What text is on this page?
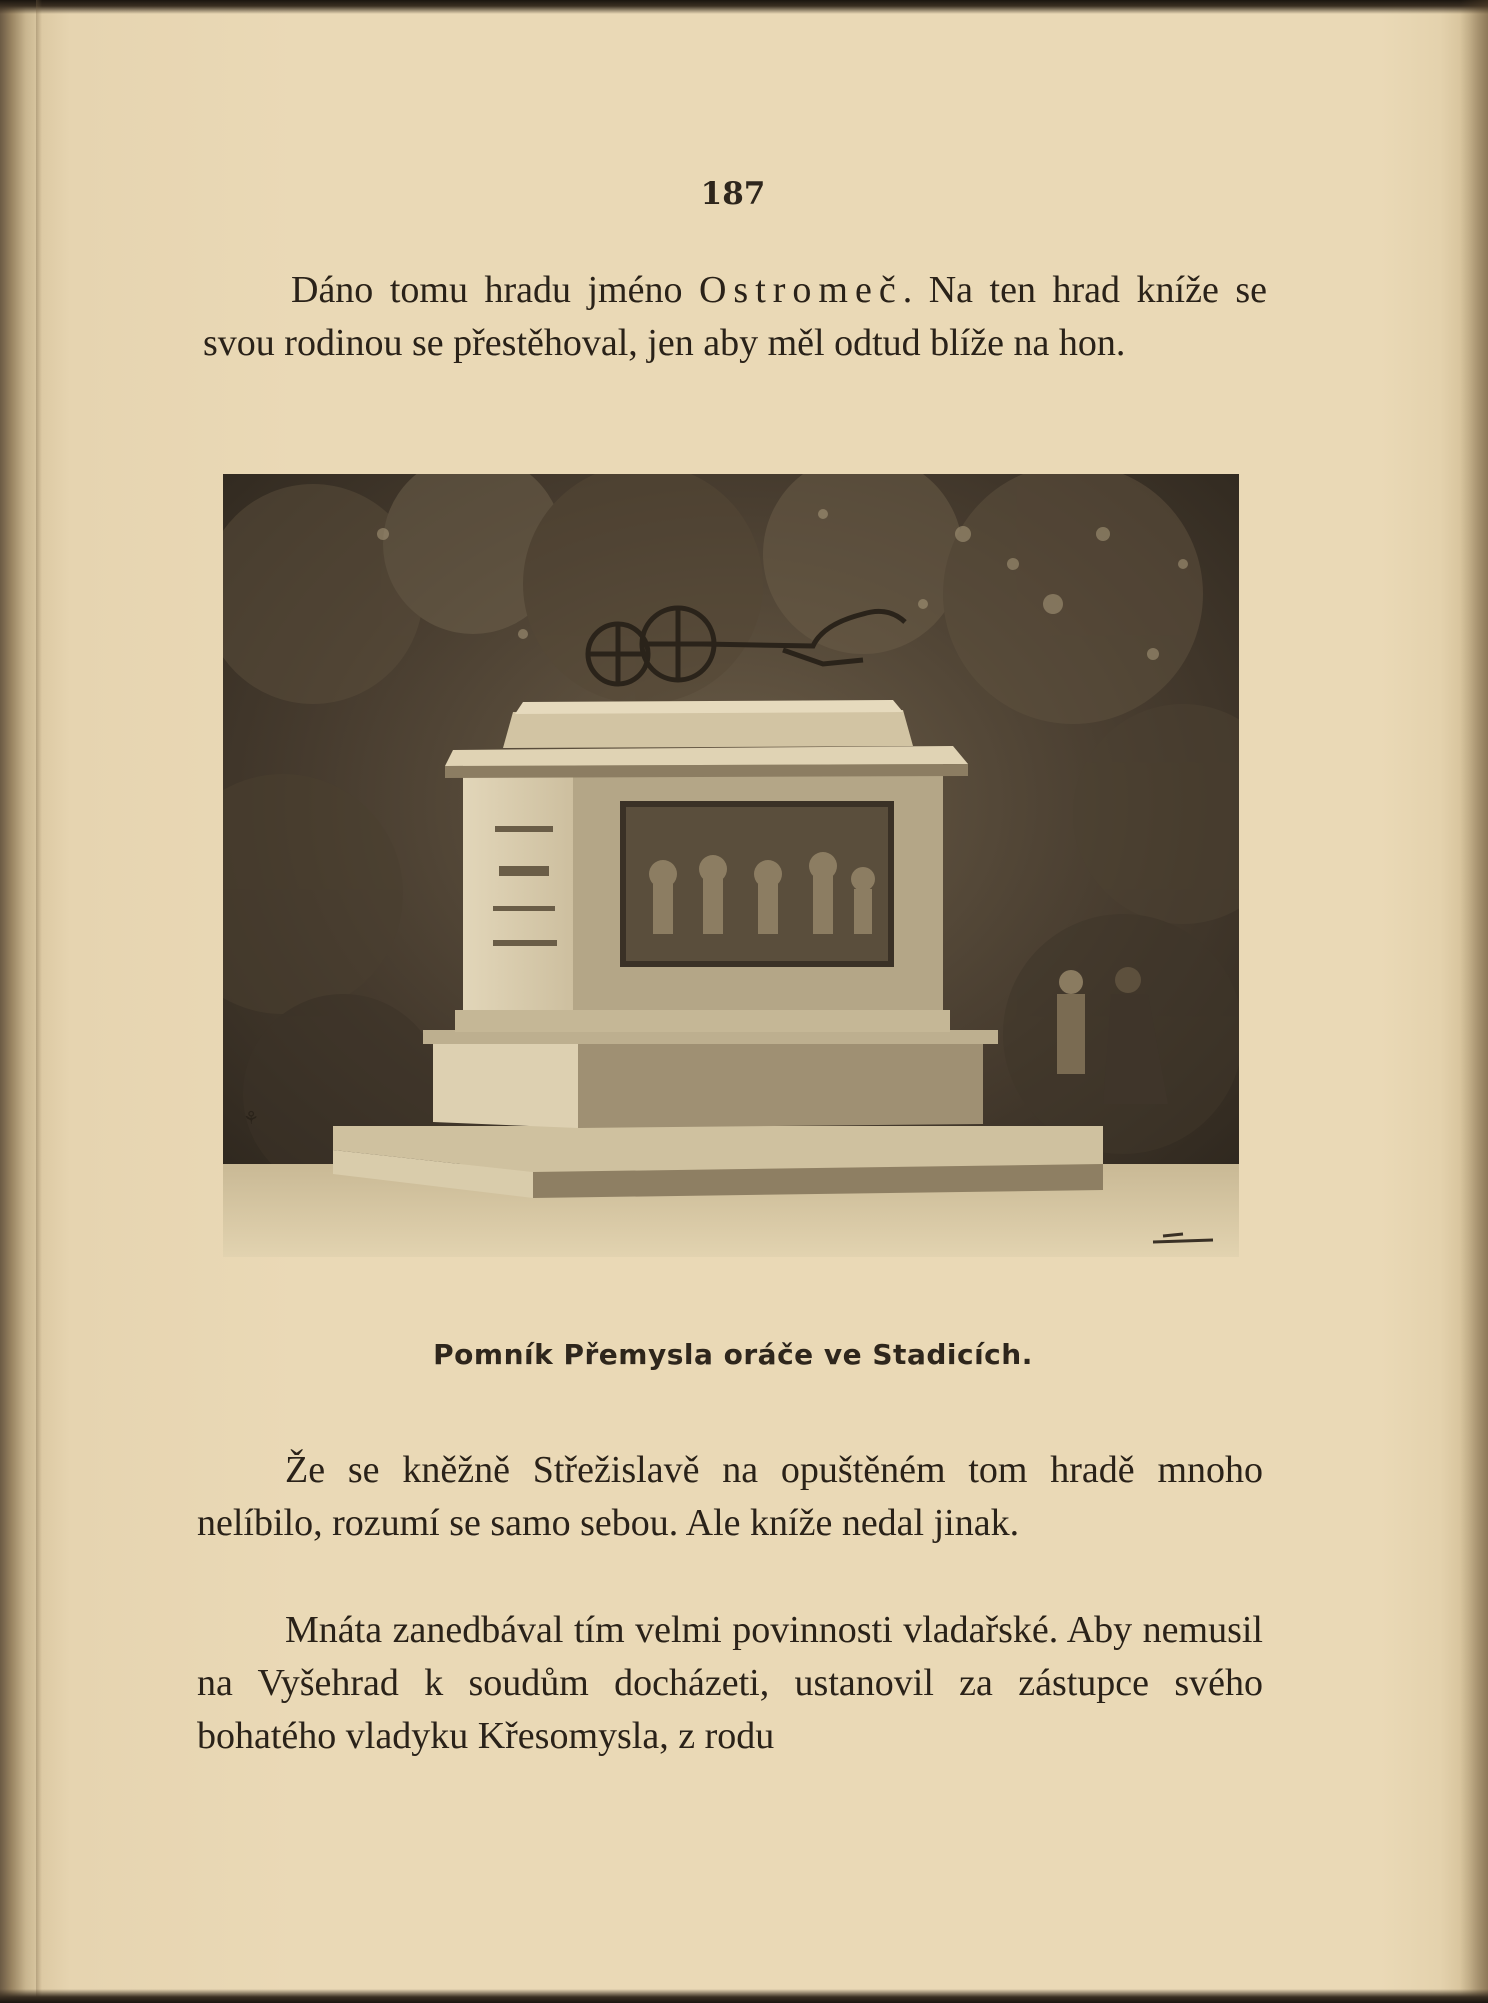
187

Dáno tomu hradu jméno Ostromeč. Na ten hrad kníže se svou rodinou se přestěhoval, jen aby měl odtud blíže na hon.

⚘
Pomník Přemysla oráče ve Stadicích.

Že se kněžně Střežislavě na opuštěném tom hradě mnoho nelíbilo, rozumí se samo sebou. Ale kníže nedal jinak.

Mnáta zanedbával tím velmi povinnosti vladařské. Aby nemusil na Vyšehrad k soudům docházeti, ustanovil za zástupce svého bohatého vladyku Křesomysla, z rodu
